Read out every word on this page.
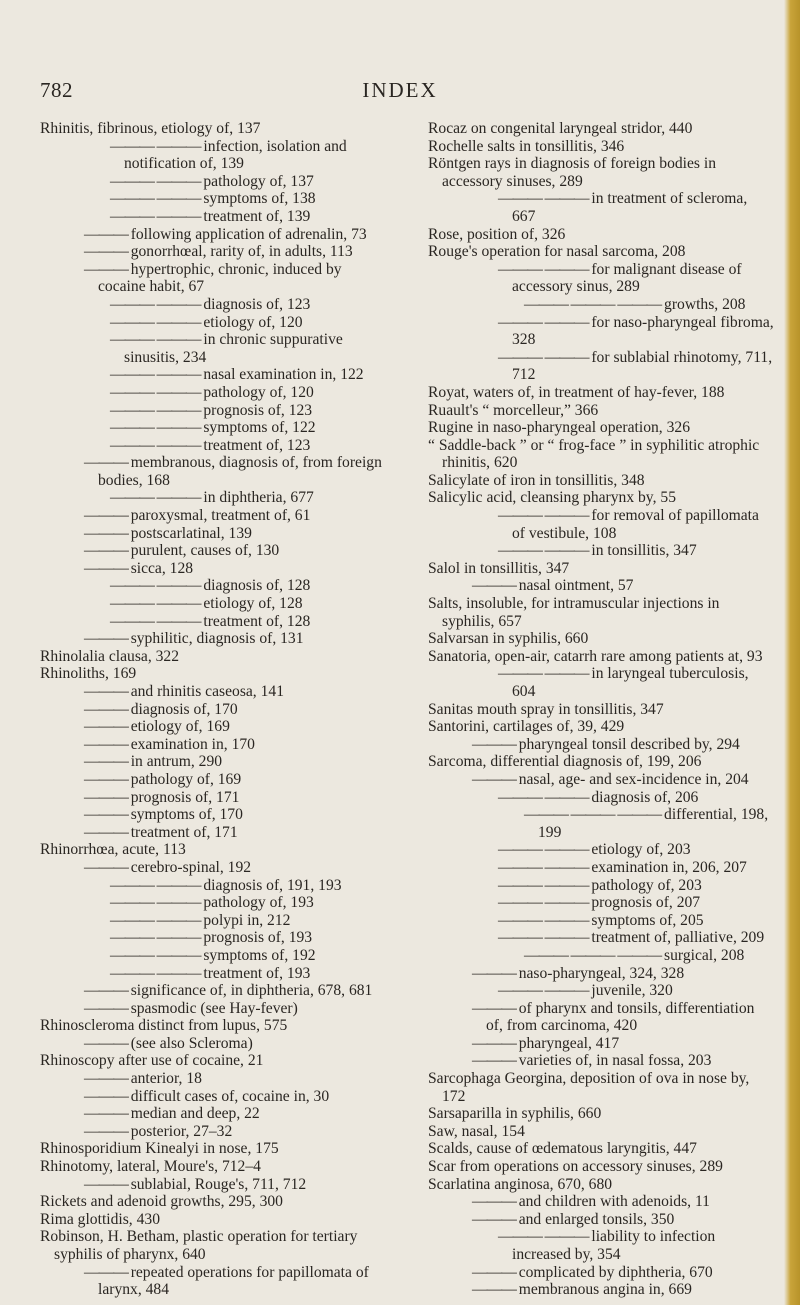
782	INDEX

Rhinitis, fibrinous, etiology of, 137

——— ——— infection, isolation and notification of, 139

——— ——— pathology of, 137

——— ——— symptoms of, 138

——— ——— treatment of, 139

——— following application of adrenalin, 73

——— gonorrhœal, rarity of, in adults, 113

——— hypertrophic, chronic, induced by cocaine habit, 67

——— ——— diagnosis of, 123

——— ——— etiology of, 120

——— ——— in chronic suppurative sinusitis, 234

——— ——— nasal examination in, 122

——— ——— pathology of, 120

——— ——— prognosis of, 123

——— ——— symptoms of, 122

——— ——— treatment of, 123

——— membranous, diagnosis of, from foreign bodies, 168

——— ——— in diphtheria, 677

——— paroxysmal, treatment of, 61

——— postscarlatinal, 139

——— purulent, causes of, 130

——— sicca, 128

——— ——— diagnosis of, 128

——— ——— etiology of, 128

——— ——— treatment of, 128

——— syphilitic, diagnosis of, 131

Rhinolalia clausa, 322

Rhinoliths, 169

——— and rhinitis caseosa, 141

——— diagnosis of, 170

——— etiology of, 169

——— examination in, 170

——— in antrum, 290

——— pathology of, 169

——— prognosis of, 171

——— symptoms of, 170

——— treatment of, 171

Rhinorrhœa, acute, 113

——— cerebro-spinal, 192

——— ——— diagnosis of, 191, 193

——— ——— pathology of, 193

——— ——— polypi in, 212

——— ——— prognosis of, 193

——— ——— symptoms of, 192

——— ——— treatment of, 193

——— significance of, in diphtheria, 678, 681

——— spasmodic (see Hay-fever)

Rhinoscleroma distinct from lupus, 575

——— (see also Scleroma)

Rhinoscopy after use of cocaine, 21

——— anterior, 18

——— difficult cases of, cocaine in, 30

——— median and deep, 22

——— posterior, 27–32

Rhinosporidium Kinealyi in nose, 175

Rhinotomy, lateral, Moure's, 712–4

——— sublabial, Rouge's, 711, 712

Rickets and adenoid growths, 295, 300

Rima glottidis, 430

Robinson, H. Betham, plastic operation for tertiary syphilis of pharynx, 640

——— repeated operations for papillomata of larynx, 484

Rocaz on congenital laryngeal stridor, 440

Rochelle salts in tonsillitis, 346

Röntgen rays in diagnosis of foreign bodies in accessory sinuses, 289

——— ——— in treatment of scleroma, 667

Rose, position of, 326

Rouge's operation for nasal sarcoma, 208

——— ——— for malignant disease of accessory sinus, 289

——— ——— ——— growths, 208

——— ——— for naso-pharyngeal fibroma, 328

——— ——— for sublabial rhinotomy, 711, 712

Royat, waters of, in treatment of hay-fever, 188

Ruault's “ morcelleur,” 366

Rugine in naso-pharyngeal operation, 326

“ Saddle-back ” or “ frog-face ” in syphilitic atrophic rhinitis, 620

Salicylate of iron in tonsillitis, 348

Salicylic acid, cleansing pharynx by, 55

——— ——— for removal of papillomata of vestibule, 108

——— ——— in tonsillitis, 347

Salol in tonsillitis, 347

——— nasal ointment, 57

Salts, insoluble, for intramuscular injections in syphilis, 657

Salvarsan in syphilis, 660

Sanatoria, open-air, catarrh rare among patients at, 93

——— ——— in laryngeal tuberculosis, 604

Sanitas mouth spray in tonsillitis, 347

Santorini, cartilages of, 39, 429

——— pharyngeal tonsil described by, 294

Sarcoma, differential diagnosis of, 199, 206

——— nasal, age- and sex-incidence in, 204

——— ——— diagnosis of, 206

——— ——— ——— differential, 198, 199

——— ——— etiology of, 203

——— ——— examination in, 206, 207

——— ——— pathology of, 203

——— ——— prognosis of, 207

——— ——— symptoms of, 205

——— ——— treatment of, palliative, 209

——— ——— ——— surgical, 208

——— naso-pharyngeal, 324, 328

——— ——— juvenile, 320

——— of pharynx and tonsils, differentiation of, from carcinoma, 420

——— pharyngeal, 417

——— varieties of, in nasal fossa, 203

Sarcophaga Georgina, deposition of ova in nose by, 172

Sarsaparilla in syphilis, 660

Saw, nasal, 154

Scalds, cause of œdematous laryngitis, 447

Scar from operations on accessory sinuses, 289

Scarlatina anginosa, 670, 680

——— and children with adenoids, 11

——— and enlarged tonsils, 350

——— ——— liability to infection increased by, 354

——— complicated by diphtheria, 670

——— membranous angina in, 669
